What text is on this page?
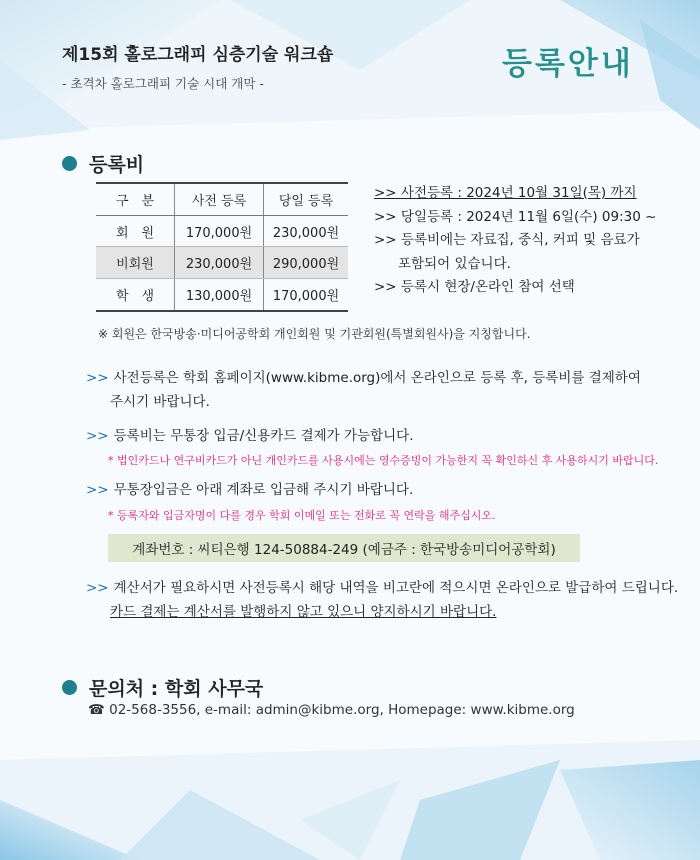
제15회 홀로그래피 심층기술 워크숍
- 초격차 홀로그래피 기술 시대 개막 -
등록안내
등록비
구　분	사전 등록	당일 등록
회　원	170,000원	230,000원
비회원	230,000원	290,000원
학　생	130,000원	170,000원
>> 사전등록 : 2024년 10월 31일(목) 까지
>> 당일등록 : 2024년 11월 6일(수) 09:30 ~
>> 등록비에는 자료집, 중식, 커피 및 음료가
포함되어 있습니다.
>> 등록시 현장/온라인 참여 선택
※ 회원은 한국방송·미디어공학회 개인회원 및 기관회원(특별회원사)을 지칭합니다.
>> 사전등록은 학회 홈페이지(www.kibme.org)에서 온라인으로 등록 후, 등록비를 결제하여
주시기 바랍니다.
>> 등록비는 무통장 입금/신용카드 결제가 가능합니다.
* 법인카드나 연구비카드가 아닌 개인카드를 사용시에는 영수증빙이 가능한지 꼭 확인하신 후 사용하시기 바랍니다.
>> 무통장입금은 아래 계좌로 입금해 주시기 바랍니다.
* 등록자와 입금자명이 다를 경우 학회 이메일 또는 전화로 꼭 연락을 해주십시오.
계좌번호 : 씨티은행 124-50884-249 (예금주 : 한국방송미디어공학회)
>> 계산서가 필요하시면 사전등록시 해당 내역을 비고란에 적으시면 온라인으로 발급하여 드립니다.
카드 결제는 계산서를 발행하지 않고 있으니 양지하시기 바랍니다.
문의처 : 학회 사무국
☎ 02-568-3556, e-mail: admin@kibme.org, Homepage: www.kibme.org
